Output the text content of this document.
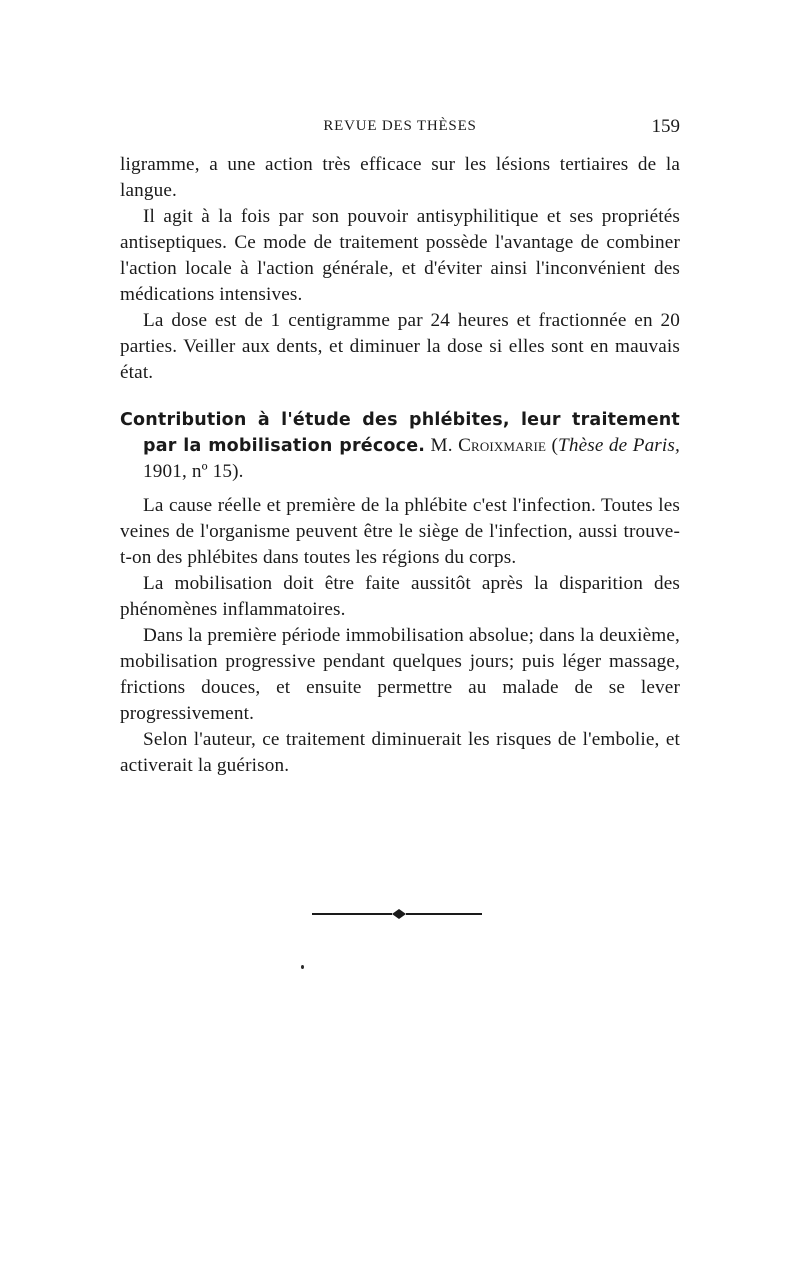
REVUE DES THÈSES	159

ligramme, a une action très efficace sur les lésions tertiaires de la langue.

Il agit à la fois par son pouvoir antisyphilitique et ses propriétés antiseptiques. Ce mode de traitement possède l'avantage de combiner l'action locale à l'action générale, et d'éviter ainsi l'inconvénient des médications intensives.

La dose est de 1 centigramme par 24 heures et fractionnée en 20 parties. Veiller aux dents, et diminuer la dose si elles sont en mauvais état.

Contribution à l'étude des phlébites, leur traitement par la mobilisation précoce. M. Croixmarie (Thèse de Paris, 1901, nº 15).

La cause réelle et première de la phlébite c'est l'infection. Toutes les veines de l'organisme peuvent être le siège de l'infection, aussi trouve-t-on des phlébites dans toutes les régions du corps.

La mobilisation doit être faite aussitôt après la disparition des phénomènes inflammatoires.

Dans la première période immobilisation absolue; dans la deuxième, mobilisation progressive pendant quelques jours; puis léger massage, frictions douces, et ensuite permettre au malade de se lever progressivement.

Selon l'auteur, ce traitement diminuerait les risques de l'embolie, et activerait la guérison.
